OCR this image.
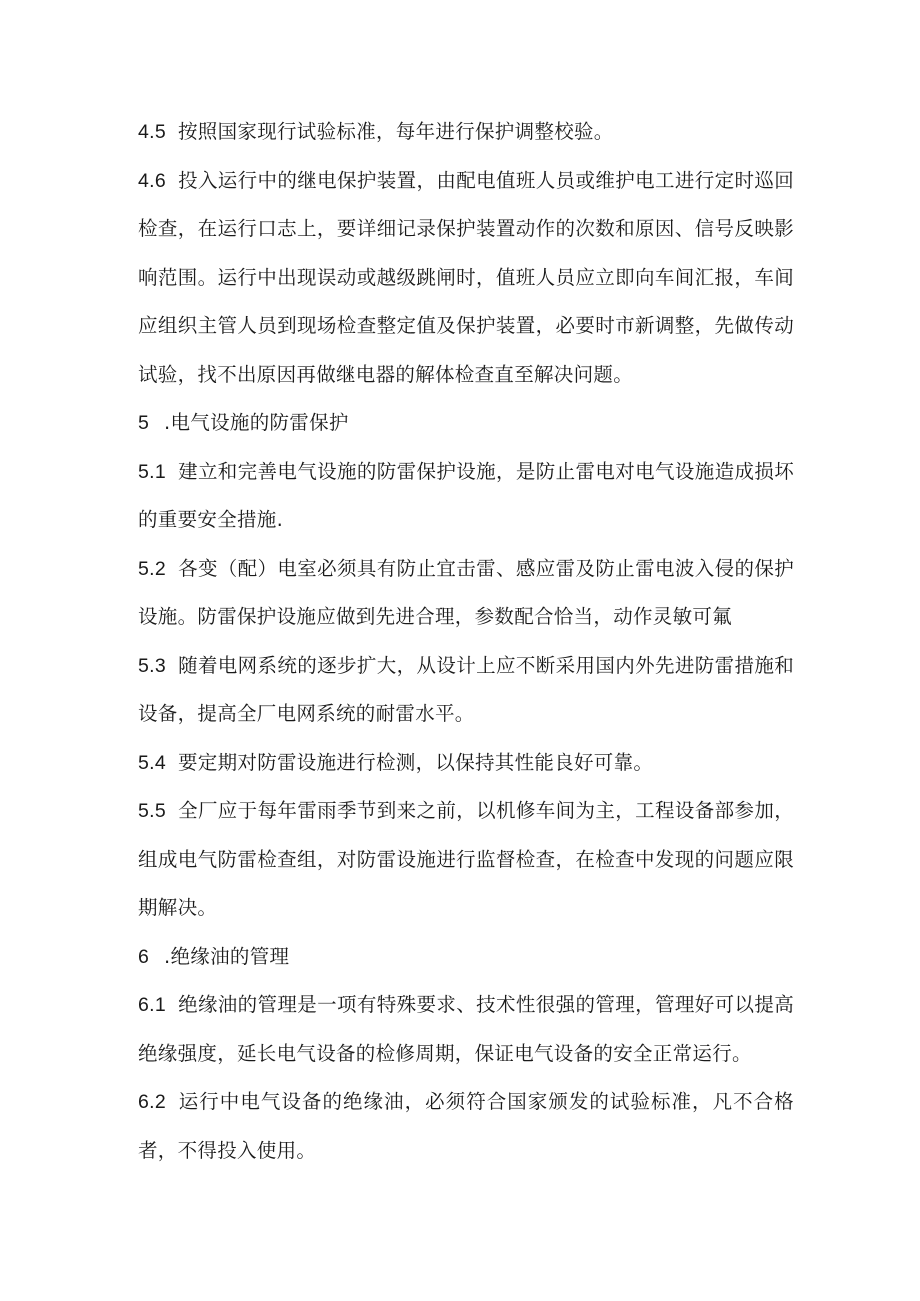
4.5 按照国家现行试验标准，每年进行保护调整校验。

4.6 投入运行中的继电保护装置，由配电值班人员或维护电工进行定时巡回检查，在运行口志上，要详细记录保护装置动作的次数和原因、信号反映影响范围。运行中出现误动或越级跳闸时，值班人员应立即向车间汇报，车间应组织主管人员到现场检查整定值及保护装置，必要时市新调整，先做传动试验，找不出原因再做继电器的解体检查直至解决问题。

5 .电气设施的防雷保护

5.1 建立和完善电气设施的防雷保护设施，是防止雷电对电气设施造成损坏的重要安全措施.

5.2 各变（配）电室必须具有防止宜击雷、感应雷及防止雷电波入侵的保护设施。防雷保护设施应做到先进合理，参数配合恰当，动作灵敏可氟

5.3 随着电网系统的逐步扩大，从设计上应不断采用国内外先进防雷措施和设备，提高全厂电网系统的耐雷水平。

5.4 要定期对防雷设施进行检测，以保持其性能良好可靠。

5.5 全厂应于每年雷雨季节到来之前，以机修车间为主，工程设备部参加，组成电气防雷检查组，对防雷设施进行监督检查，在检查中发现的问题应限期解决。

6 .绝缘油的管理

6.1 绝缘油的管理是一项有特殊要求、技术性很强的管理，管理好可以提高绝缘强度，延长电气设备的检修周期，保证电气设备的安全正常运行。

6.2 运行中电气设备的绝缘油，必须符合国家颁发的试验标准，凡不合格者，不得投入使用。
